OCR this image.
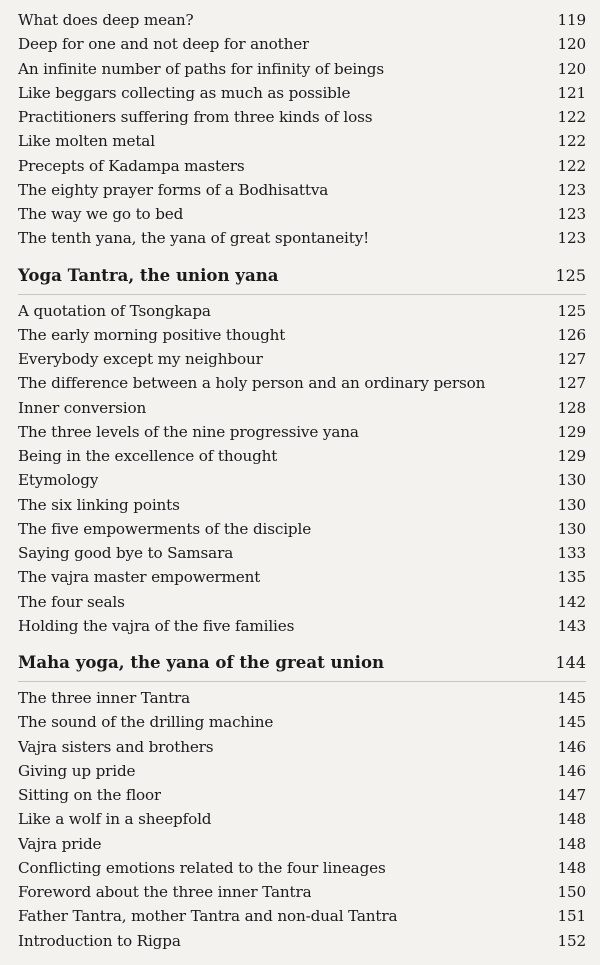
What does deep mean?	119
Deep for one and not deep for another	120
An infinite number of paths for infinity of beings	120
Like beggars collecting as much as possible	121
Practitioners suffering from three kinds of loss	122
Like molten metal	122
Precepts of Kadampa masters	122
The eighty prayer forms of a Bodhisattva	123
The way we go to bed	123
The tenth yana, the yana of great spontaneity!	123
Yoga Tantra, the union yana	125
A quotation of Tsongkapa	125
The early morning positive thought	126
Everybody except my neighbour	127
The difference between a holy person and an ordinary person	127
Inner conversion	128
The three levels of the nine progressive yana	129
Being in the excellence of thought	129
Etymology	130
The six linking points	130
The five empowerments of the disciple	130
Saying good bye to Samsara	133
The vajra master empowerment	135
The four seals	142
Holding the vajra of the five families	143
Maha yoga, the yana of the great union	144
The three inner Tantra	145
The sound of the drilling machine	145
Vajra sisters and brothers	146
Giving up pride	146
Sitting on the floor	147
Like a wolf in a sheepfold	148
Vajra pride	148
Conflicting emotions related to the four lineages	148
Foreword about the three inner Tantra	150
Father Tantra, mother Tantra and non-dual Tantra	151
Introduction to Rigpa	152
